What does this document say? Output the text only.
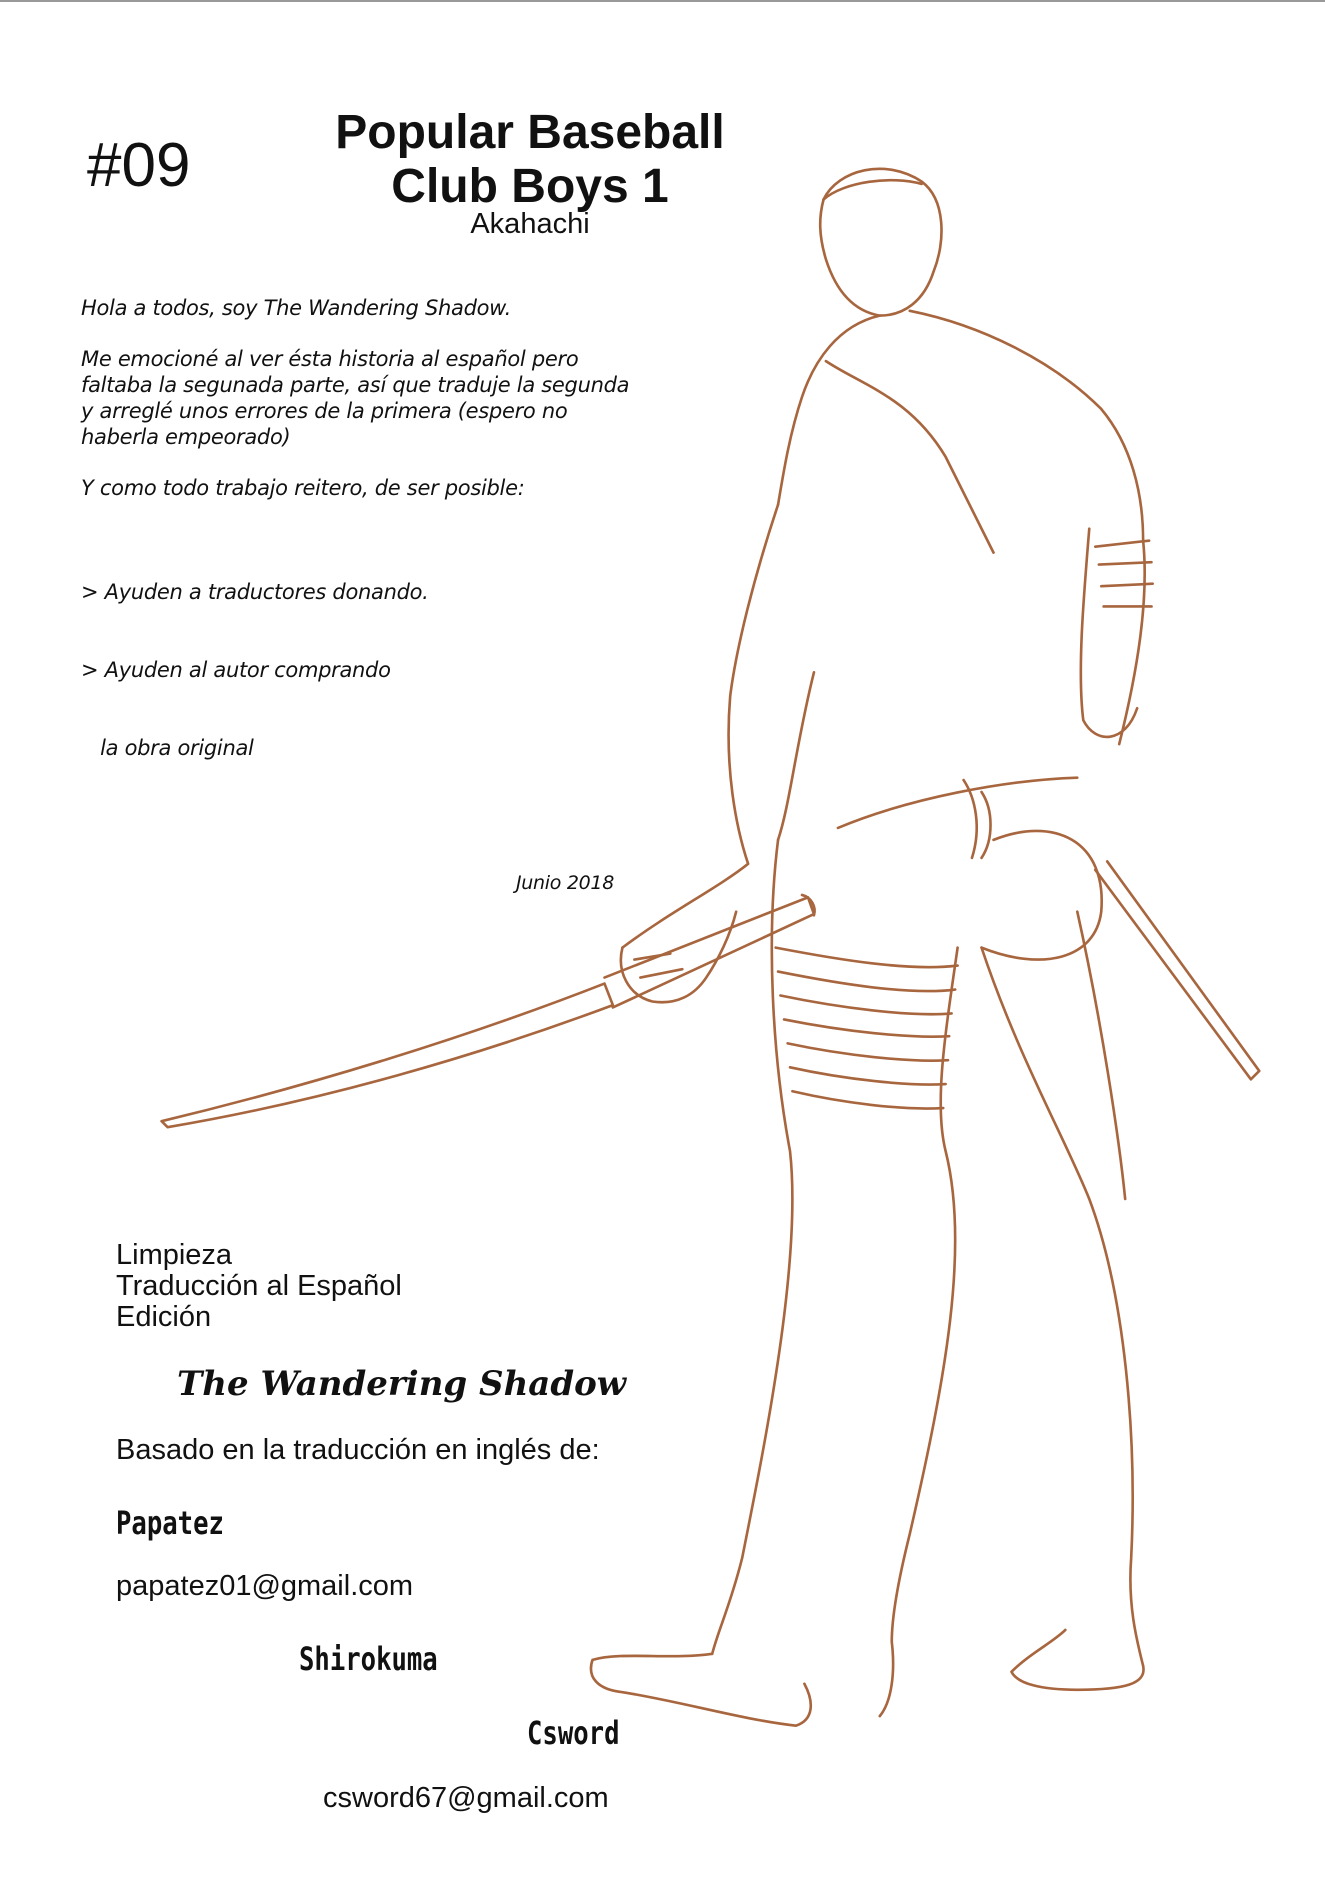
#09	Popular Baseball
Club Boys 1
Akahachi
Hola a todos, soy The Wandering Shadow.
Me emocioné al ver ésta historia al español pero
faltaba la segunada parte, así que traduje la segunda
y arreglé unos errores de la primera (espero no
haberla empeorado)
Y como todo trabajo reitero, de ser posible:

> Ayuden a traductores donando.

> Ayuden al autor comprando

la obra original

Junio 2018
Limpieza
Traducción al Español
Edición
The Wandering Shadow
Basado en la traducción en inglés de:
Papatez
papatez01@gmail.com
Shirokuma
Csword
csword67@gmail.com
